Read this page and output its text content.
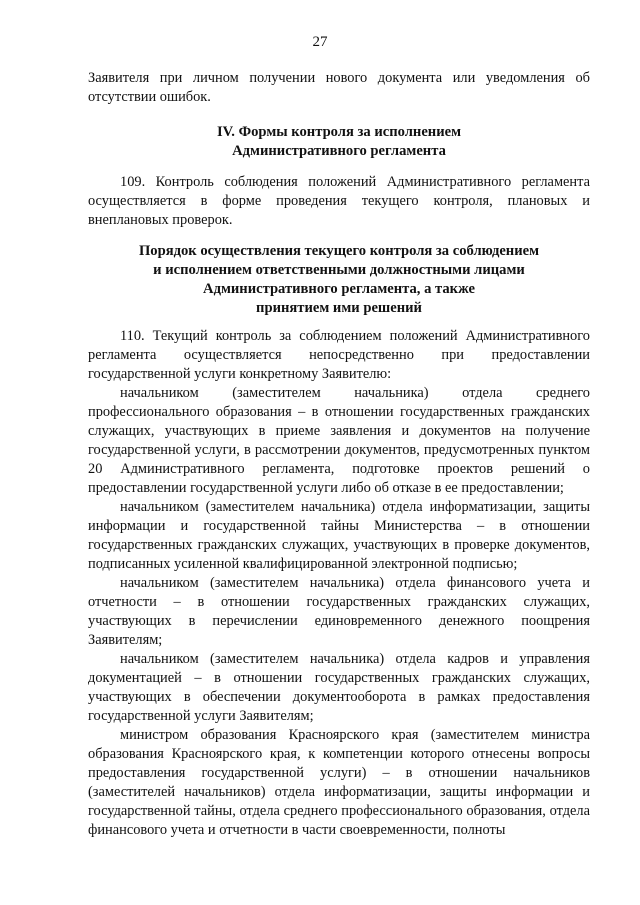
27

Заявителя при личном получении нового документа или уведомления об отсутствии ошибок.

IV. Формы контроля за исполнением
Административного регламента

109. Контроль соблюдения положений Административного регламента осуществляется в форме проведения текущего контроля, плановых и внеплановых проверок.

Порядок осуществления текущего контроля за соблюдением
и исполнением ответственными должностными лицами
Административного регламента, а также
принятием ими решений

110. Текущий контроль за соблюдением положений Административного регламента осуществляется непосредственно при предоставлении государственной услуги конкретному Заявителю:

начальником (заместителем начальника) отдела среднего профессионального образования – в отношении государственных гражданских служащих, участвующих в приеме заявления и документов на получение государственной услуги, в рассмотрении документов, предусмотренных пунктом 20 Административного регламента, подготовке проектов решений о предоставлении государственной услуги либо об отказе в ее предоставлении;

начальником (заместителем начальника) отдела информатизации, защиты информации и государственной тайны Министерства – в отношении государственных гражданских служащих, участвующих в проверке документов, подписанных усиленной квалифицированной электронной подписью;

начальником (заместителем начальника) отдела финансового учета и отчетности – в отношении государственных гражданских служащих, участвующих в перечислении единовременного денежного поощрения Заявителям;

начальником (заместителем начальника) отдела кадров и управления документацией – в отношении государственных гражданских служащих, участвующих в обеспечении документооборота в рамках предоставления государственной услуги Заявителям;

министром образования Красноярского края (заместителем министра образования Красноярского края, к компетенции которого отнесены вопросы предоставления государственной услуги) – в отношении начальников (заместителей начальников) отдела информатизации, защиты информации и государственной тайны, отдела среднего профессионального образования, отдела финансового учета и отчетности в части своевременности, полноты
